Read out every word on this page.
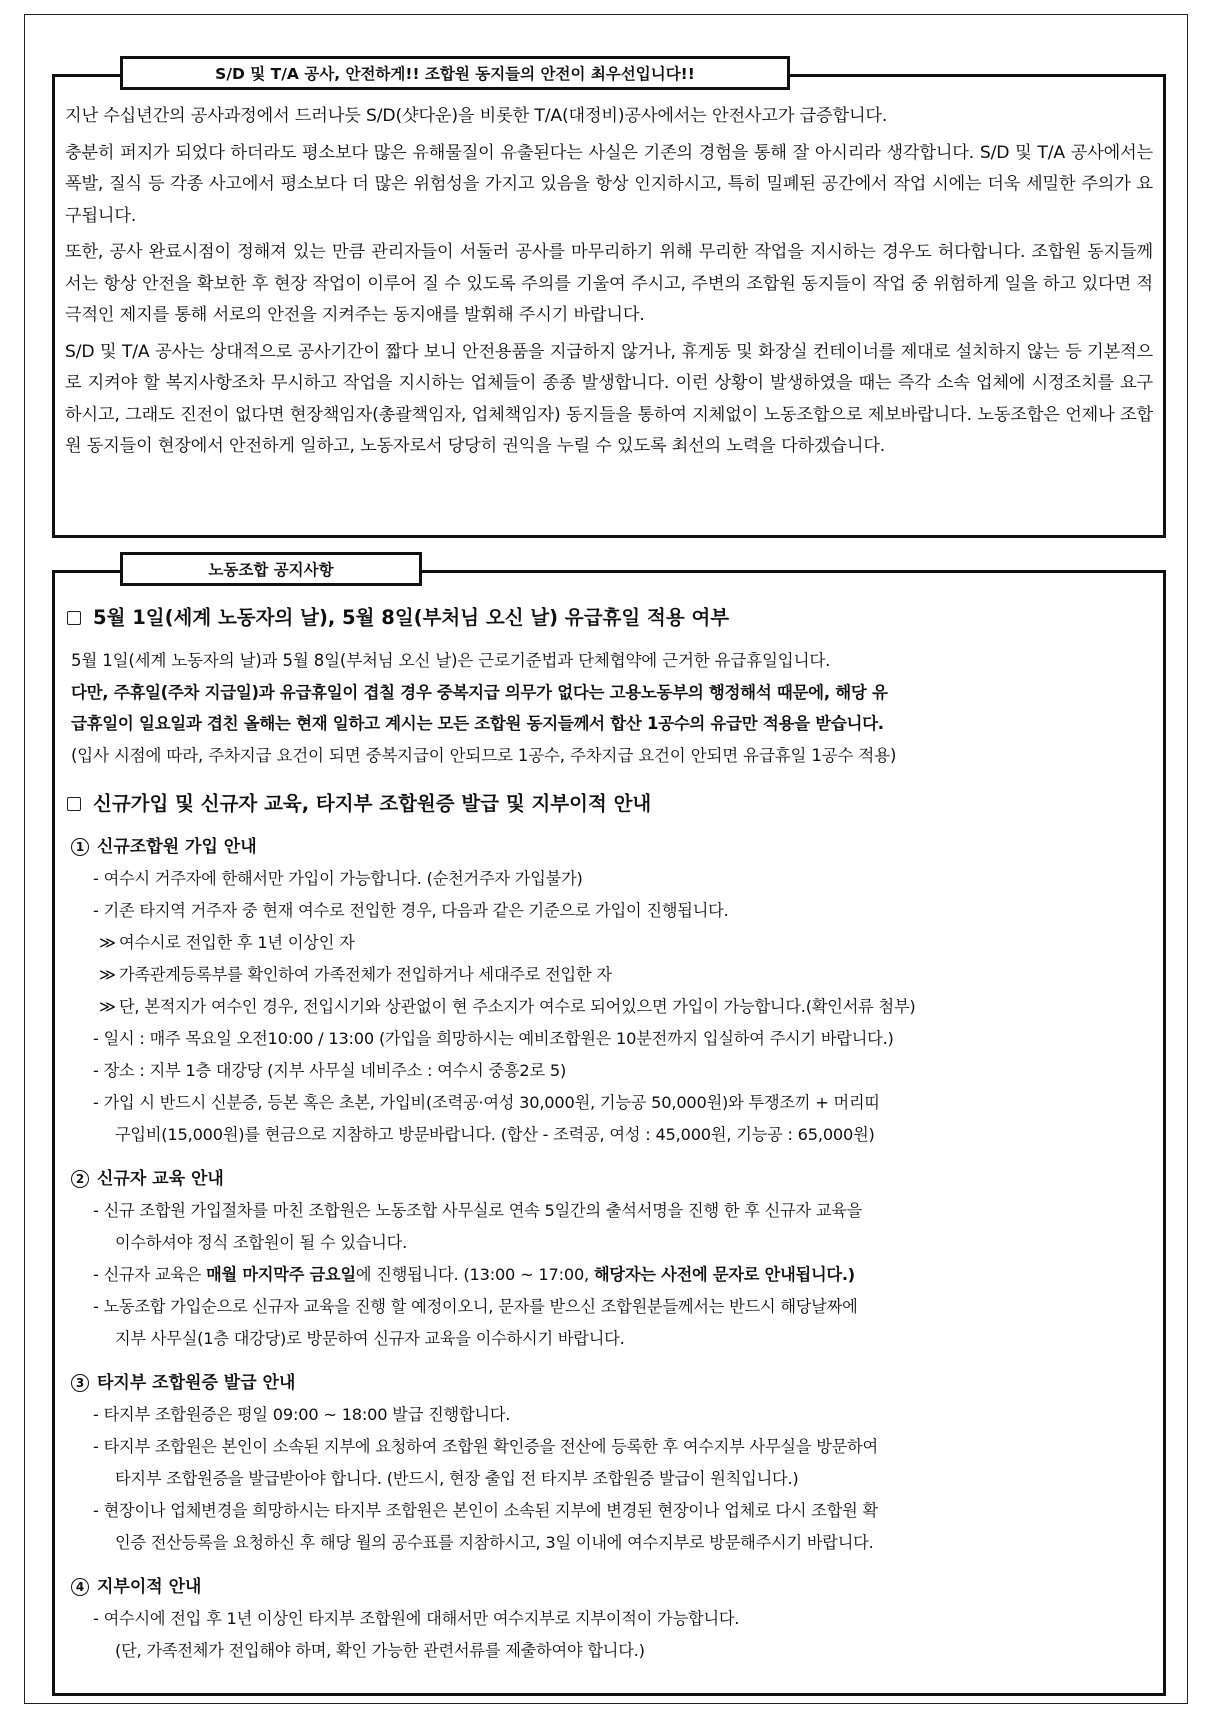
지난 수십년간의 공사과정에서 드러나듯 S/D(샷다운)을 비롯한 T/A(대정비)공사에서는 안전사고가 급증합니다.

충분히 퍼지가 되었다 하더라도 평소보다 많은 유해물질이 유출된다는 사실은 기존의 경험을 통해 잘 아시리라 생각합니다. S/D 및 T/A 공사에서는 폭발, 질식 등 각종 사고에서 평소보다 더 많은 위험성을 가지고 있음을 항상 인지하시고, 특히 밀폐된 공간에서 작업 시에는 더욱 세밀한 주의가 요구됩니다.

또한, 공사 완료시점이 정해져 있는 만큼 관리자들이 서둘러 공사를 마무리하기 위해 무리한 작업을 지시하는 경우도 허다합니다. 조합원 동지들께서는 항상 안전을 확보한 후 현장 작업이 이루어 질 수 있도록 주의를 기울여 주시고, 주변의 조합원 동지들이 작업 중 위험하게 일을 하고 있다면 적극적인 제지를 통해 서로의 안전을 지켜주는 동지애를 발휘해 주시기 바랍니다.

S/D 및 T/A 공사는 상대적으로 공사기간이 짧다 보니 안전용품을 지급하지 않거나, 휴게동 및 화장실 컨테이너를 제대로 설치하지 않는 등 기본적으로 지켜야 할 복지사항조차 무시하고 작업을 지시하는 업체들이 종종 발생합니다. 이런 상황이 발생하였을 때는 즉각 소속 업체에 시정조치를 요구하시고, 그래도 진전이 없다면 현장책임자(총괄책임자, 업체책임자) 동지들을 통하여 지체없이 노동조합으로 제보바랍니다. 노동조합은 언제나 조합원 동지들이 현장에서 안전하게 일하고, 노동자로서 당당히 권익을 누릴 수 있도록 최선의 노력을 다하겠습니다.

S/D 및 T/A 공사, 안전하게!! 조합원 동지들의 안전이 최우선입니다!!
5월 1일(세계 노동자의 날), 5월 8일(부처님 오신 날) 유급휴일 적용 여부

5월 1일(세계 노동자의 날)과 5월 8일(부처님 오신 날)은 근로기준법과 단체협약에 근거한 유급휴일입니다.

다만, 주휴일(주차 지급일)과 유급휴일이 겹칠 경우 중복지급 의무가 없다는 고용노동부의 행정해석 때문에, 해당 유

급휴일이 일요일과 겹친 올해는 현재 일하고 계시는 모든 조합원 동지들께서 합산 1공수의 유급만 적용을 받습니다.

(입사 시점에 따라, 주차지급 요건이 되면 중복지급이 안되므로 1공수, 주차지급 요건이 안되면 유급휴일 1공수 적용)

신규가입 및 신규자 교육, 타지부 조합원증 발급 및 지부이적 안내
1 신규조합원 가입 안내
- 여수시 거주자에 한해서만 가입이 가능합니다. (순천거주자 가입불가)
- 기존 타지역 거주자 중 현재 여수로 전입한 경우, 다음과 같은 기준으로 가입이 진행됩니다.
≫ 여수시로 전입한 후 1년 이상인 자
≫ 가족관계등록부를 확인하여 가족전체가 전입하거나 세대주로 전입한 자
≫ 단, 본적지가 여수인 경우, 전입시기와 상관없이 현 주소지가 여수로 되어있으면 가입이 가능합니다.(확인서류 첨부)
- 일시 : 매주 목요일 오전10:00 / 13:00 (가입을 희망하시는 예비조합원은 10분전까지 입실하여 주시기 바랍니다.)
- 장소 : 지부 1층 대강당 (지부 사무실 네비주소 : 여수시 중흥2로 5)
- 가입 시 반드시 신분증, 등본 혹은 초본, 가입비(조력공·여성 30,000원, 기능공 50,000원)와 투쟁조끼 + 머리띠
구입비(15,000원)를 현금으로 지참하고 방문바랍니다. (합산 - 조력공, 여성 : 45,000원, 기능공 : 65,000원)
2 신규자 교육 안내
- 신규 조합원 가입절차를 마친 조합원은 노동조합 사무실로 연속 5일간의 출석서명을 진행 한 후 신규자 교육을
이수하셔야 정식 조합원이 될 수 있습니다.
- 신규자 교육은 매월 마지막주 금요일에 진행됩니다. (13:00 ~ 17:00, 해당자는 사전에 문자로 안내됩니다.)
- 노동조합 가입순으로 신규자 교육을 진행 할 예정이오니, 문자를 받으신 조합원분들께서는 반드시 해당날짜에
지부 사무실(1층 대강당)로 방문하여 신규자 교육을 이수하시기 바랍니다.
3 타지부 조합원증 발급 안내
- 타지부 조합원증은 평일 09:00 ~ 18:00 발급 진행합니다.
- 타지부 조합원은 본인이 소속된 지부에 요청하여 조합원 확인증을 전산에 등록한 후 여수지부 사무실을 방문하여
타지부 조합원증을 발급받아야 합니다. (반드시, 현장 출입 전 타지부 조합원증 발급이 원칙입니다.)
- 현장이나 업체변경을 희망하시는 타지부 조합원은 본인이 소속된 지부에 변경된 현장이나 업체로 다시 조합원 확
인증 전산등록을 요청하신 후 해당 월의 공수표를 지참하시고, 3일 이내에 여수지부로 방문해주시기 바랍니다.
4 지부이적 안내
- 여수시에 전입 후 1년 이상인 타지부 조합원에 대해서만 여수지부로 지부이적이 가능합니다.
(단, 가족전체가 전입해야 하며, 확인 가능한 관련서류를 제출하여야 합니다.)
노동조합 공지사항
